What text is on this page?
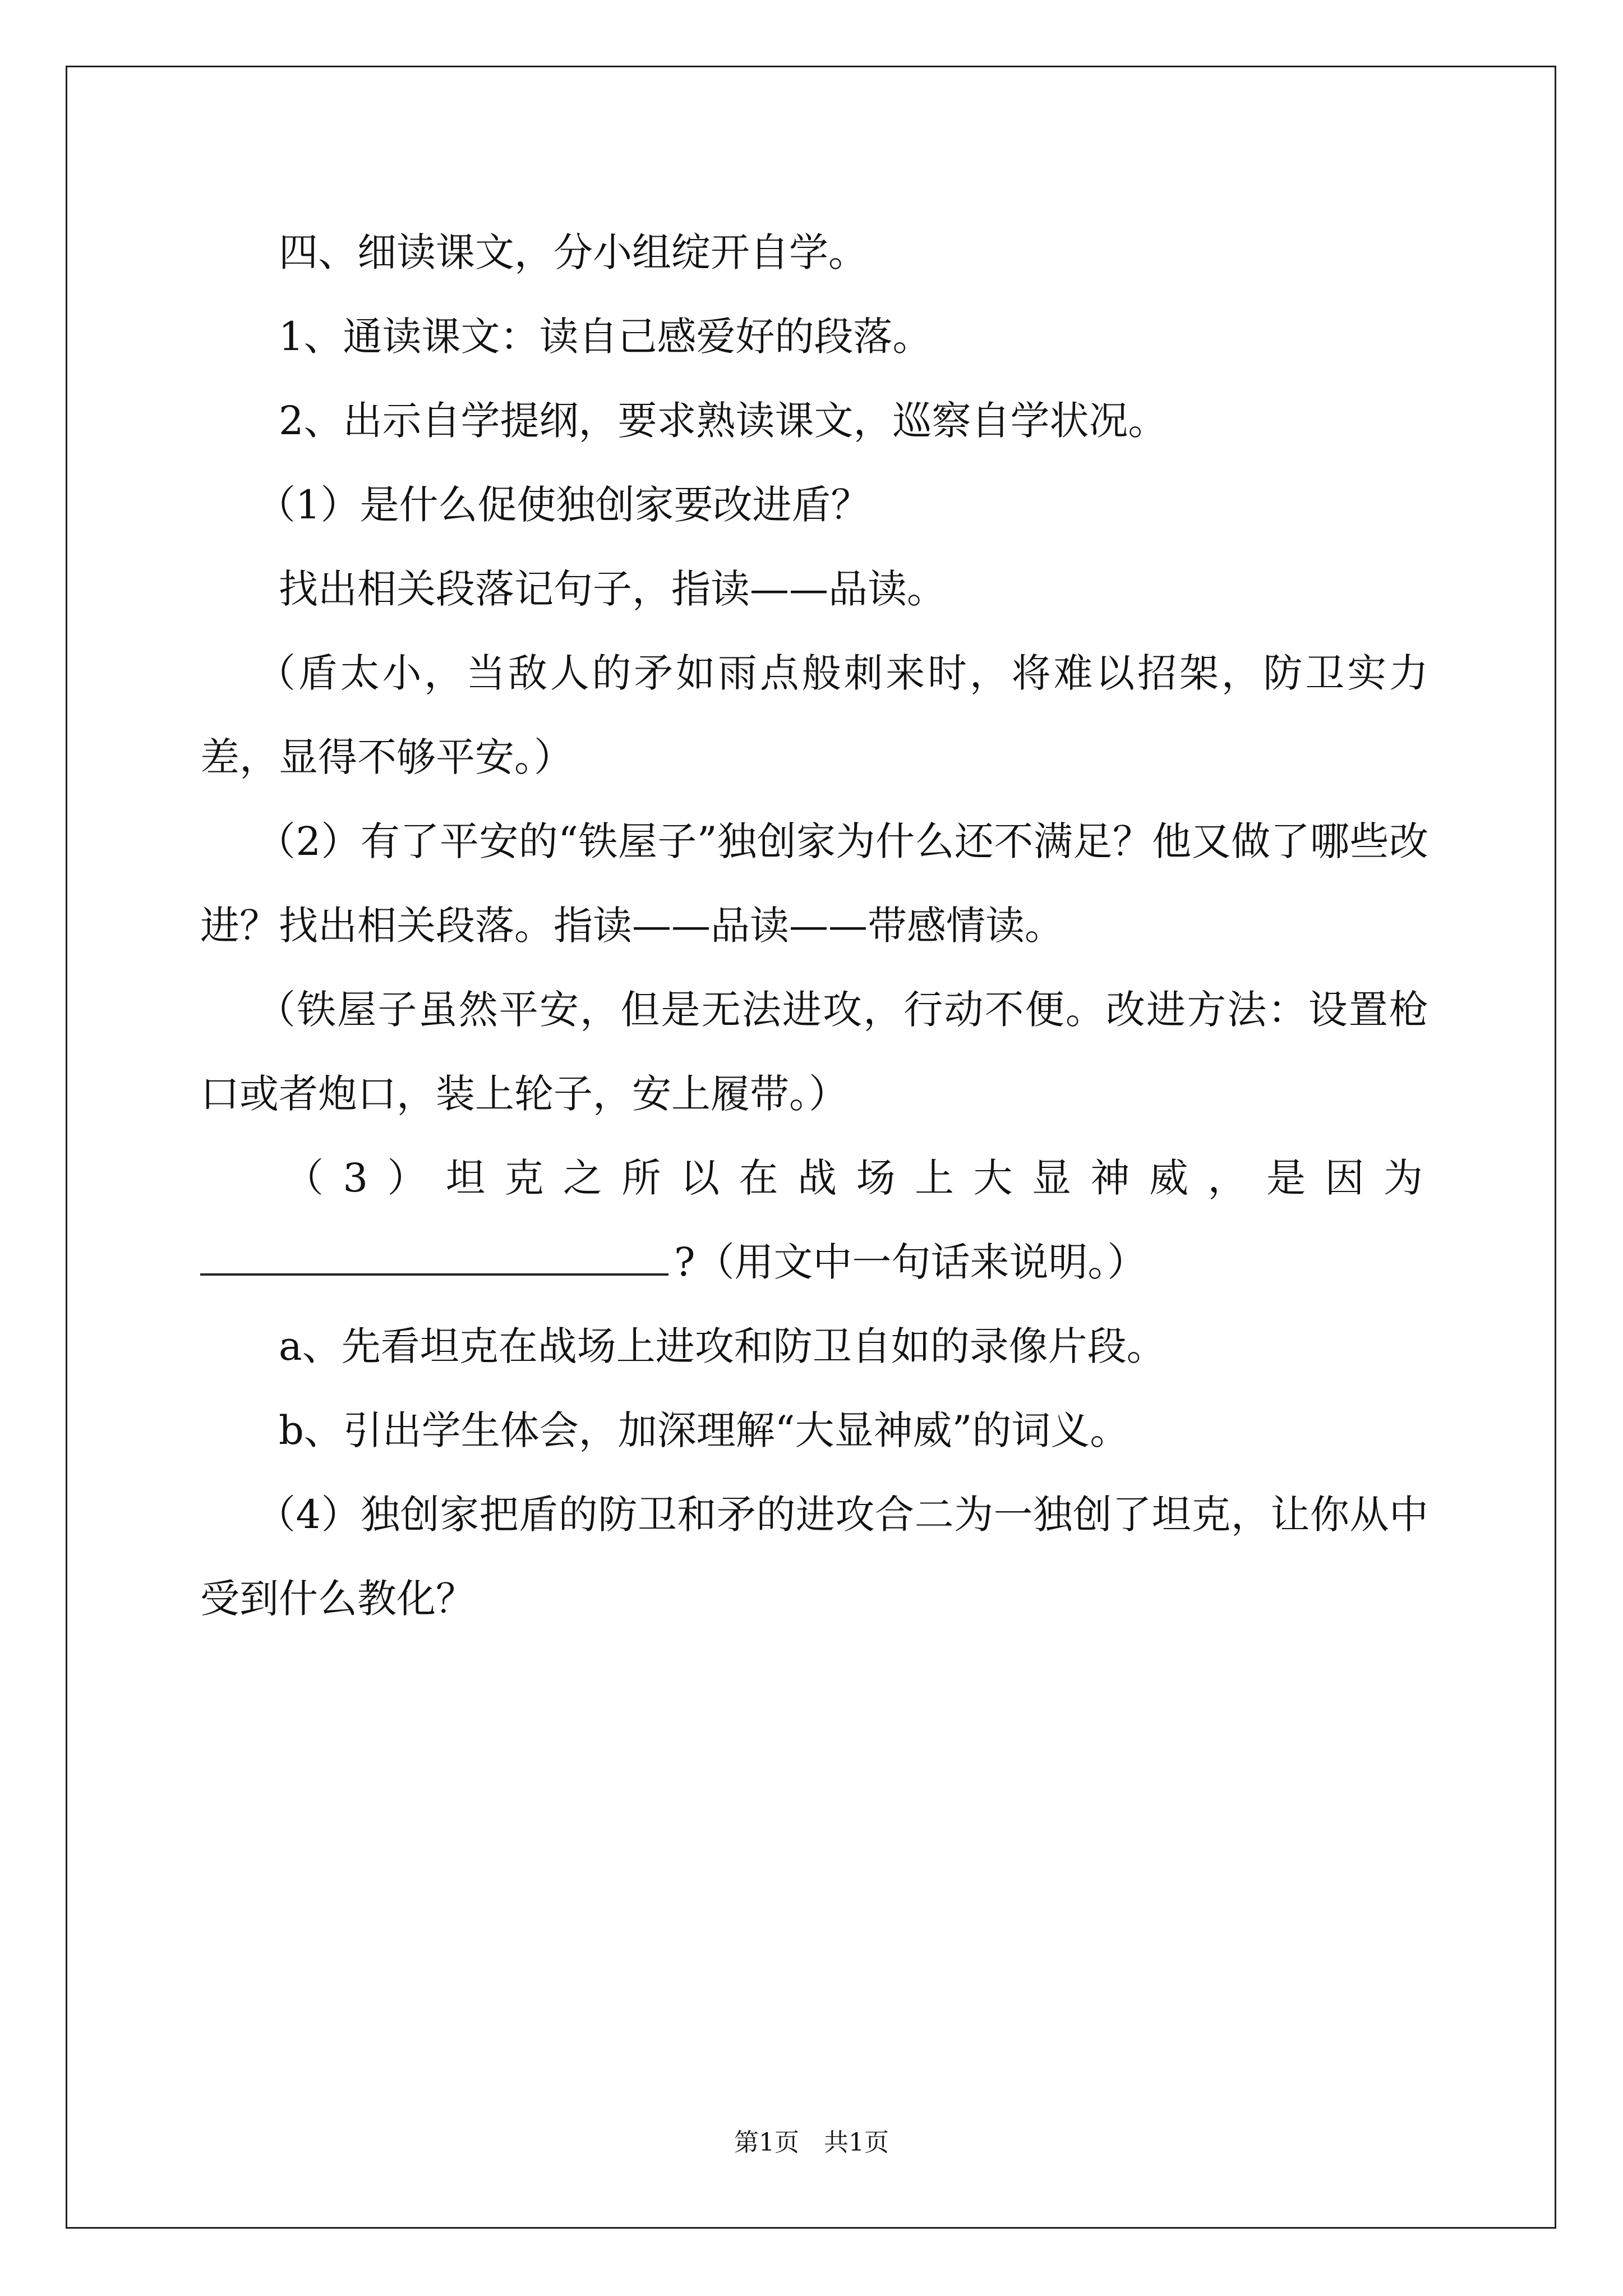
四、细读课文，分小组绽开自学。

1、通读课文：读自己感爱好的段落。

2、出示自学提纲，要求熟读课文，巡察自学状况。

（1）是什么促使独创家要改进盾？

找出相关段落记句子，指读——品读。

（盾太小，当敌人的矛如雨点般刺来时，将难以招架，防卫实力差，显得不够平安。）

（2）有了平安的“铁屋子”独创家为什么还不满足？他又做了哪些改进？找出相关段落。指读——品读——带感情读。

（铁屋子虽然平安，但是无法进攻，行动不便。改进方法：设置枪口或者炮口，装上轮子，安上履带。）

（3）坦克之所以在战场上大显神威，是因为

?（用文中一句话来说明。）

a、先看坦克在战场上进攻和防卫自如的录像片段。

b、引出学生体会，加深理解“大显神威”的词义。

（4）独创家把盾的防卫和矛的进攻合二为一独创了坦克，让你从中受到什么教化？

第1页　共1页
